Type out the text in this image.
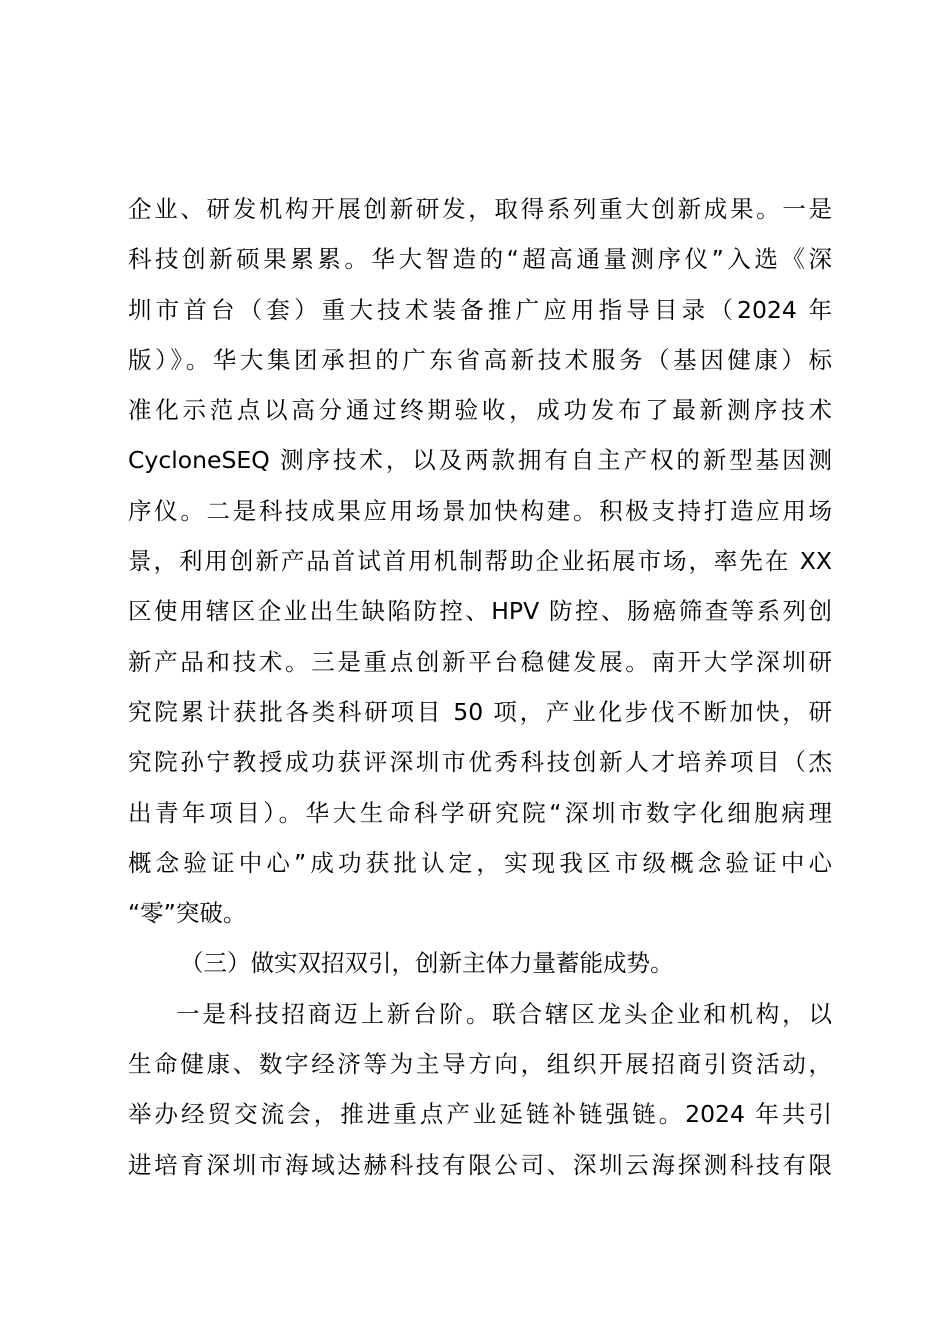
企业、研发机构开展创新研发，取得系列重大创新成果。一是
科技创新硕果累累。华大智造的“超高通量测序仪”入选《深
圳市首台（套）重大技术装备推广应用指导目录（2024 年
版）》。华大集团承担的广东省高新技术服务（基因健康）标
准化示范点以高分通过终期验收，成功发布了最新测序技术
CycloneSEQ 测序技术，以及两款拥有自主产权的新型基因测
序仪。二是科技成果应用场景加快构建。积极支持打造应用场
景，利用创新产品首试首用机制帮助企业拓展市场，率先在 XX
区使用辖区企业出生缺陷防控、HPV 防控、肠癌筛查等系列创
新产品和技术。三是重点创新平台稳健发展。南开大学深圳研
究院累计获批各类科研项目 50 项，产业化步伐不断加快，研
究院孙宁教授成功获评深圳市优秀科技创新人才培养项目（杰
出青年项目）。华大生命科学研究院“深圳市数字化细胞病理
概念验证中心”成功获批认定，实现我区市级概念验证中心
“零”突破。
（三）做实双招双引，创新主体力量蓄能成势。
一是科技招商迈上新台阶。联合辖区龙头企业和机构，以
生命健康、数字经济等为主导方向，组织开展招商引资活动，
举办经贸交流会，推进重点产业延链补链强链。2024 年共引
进培育深圳市海域达赫科技有限公司、深圳云海探测科技有限
